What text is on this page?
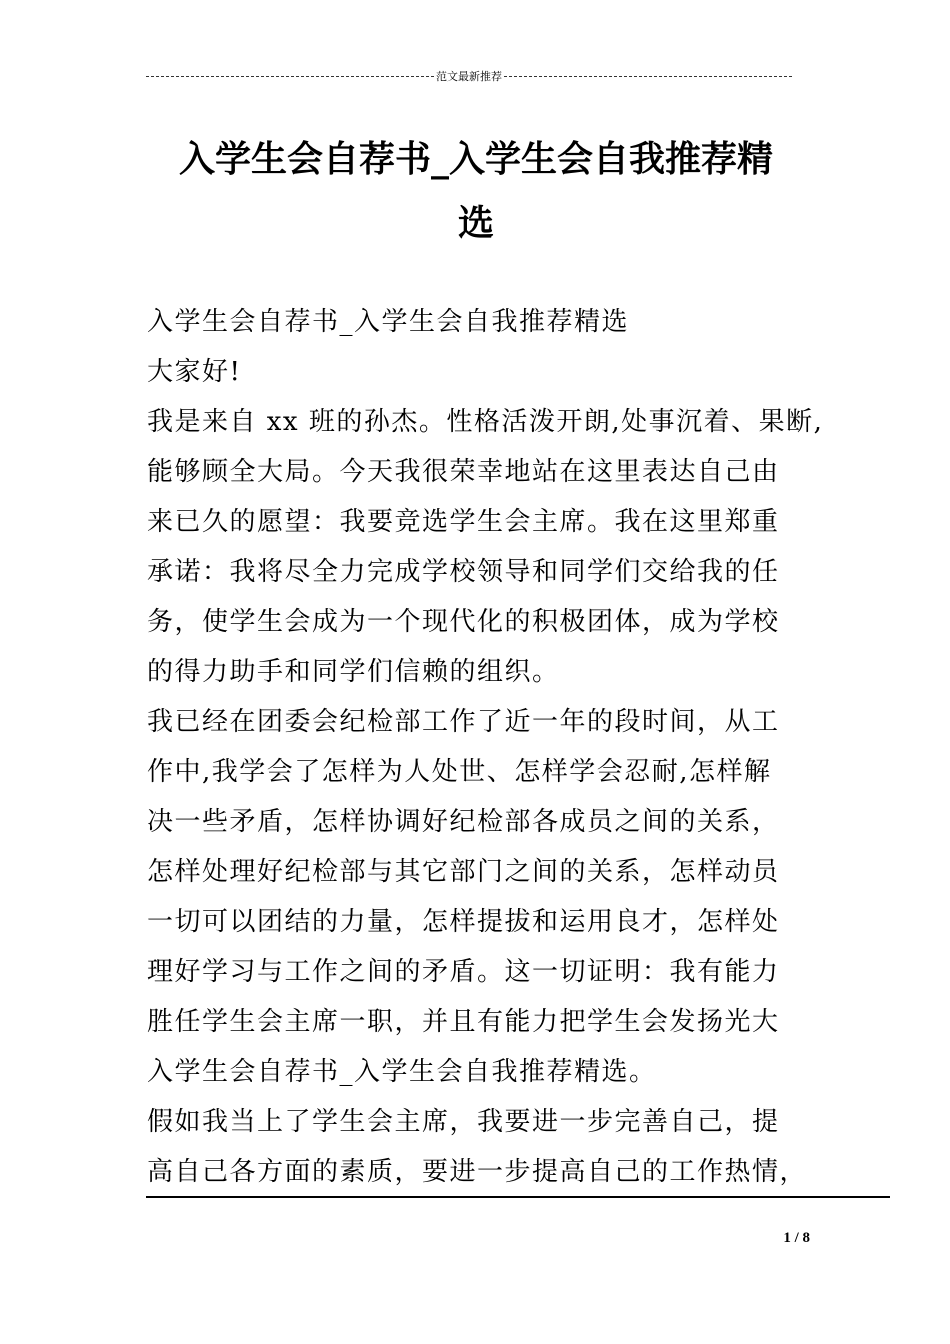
范文最新推荐
入学生会自荐书_入学生会自我推荐精
选
入学生会自荐书_入学生会自我推荐精选
大家好!
我是来自 xx 班的孙杰。性格活泼开朗,处事沉着、果断,
能够顾全大局。今天我很荣幸地站在这里表达自己由
来已久的愿望：我要竞选学生会主席。我在这里郑重
承诺：我将尽全力完成学校领导和同学们交给我的任
务，使学生会成为一个现代化的积极团体，成为学校
的得力助手和同学们信赖的组织。
我已经在团委会纪检部工作了近一年的段时间，从工
作中,我学会了怎样为人处世、怎样学会忍耐,怎样解
决一些矛盾，怎样协调好纪检部各成员之间的关系，
怎样处理好纪检部与其它部门之间的关系，怎样动员
一切可以团结的力量，怎样提拔和运用良才，怎样处
理好学习与工作之间的矛盾。这一切证明：我有能力
胜任学生会主席一职，并且有能力把学生会发扬光大
入学生会自荐书_入学生会自我推荐精选。
假如我当上了学生会主席，我要进一步完善自己，提
高自己各方面的素质，要进一步提高自己的工作热情，
1 / 8
